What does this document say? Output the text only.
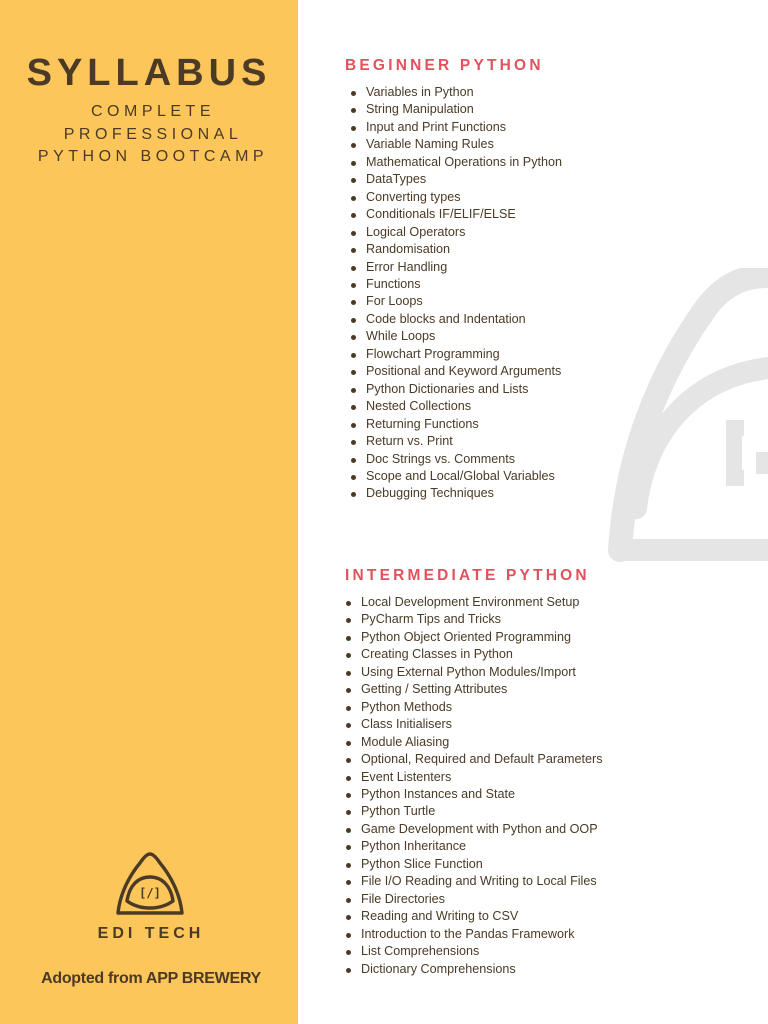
SYLLABUS
COMPLETE
PROFESSIONAL
PYTHON BOOTCAMP
[/]
EDI TECH
Adopted from APP BREWERY
BEGINNER PYTHON
Variables in Python
String Manipulation
Input and Print Functions
Variable Naming Rules
Mathematical Operations in Python
DataTypes
Converting types
Conditionals IF/ELIF/ELSE
Logical Operators
Randomisation
Error Handling
Functions
For Loops
Code blocks and Indentation
While Loops
Flowchart Programming
Positional and Keyword Arguments
Python Dictionaries and Lists
Nested Collections
Returning Functions
Return vs. Print
Doc Strings vs. Comments
Scope and Local/Global Variables
Debugging Techniques
INTERMEDIATE PYTHON
Local Development Environment Setup
PyCharm Tips and Tricks
Python Object Oriented Programming
Creating Classes in Python
Using External Python Modules/Import
Getting / Setting Attributes
Python Methods
Class Initialisers
Module Aliasing
Optional, Required and Default Parameters
Event Listenters
Python Instances and State
Python Turtle
Game Development with Python and OOP
Python Inheritance
Python Slice Function
File I/O Reading and Writing to Local Files
File Directories
Reading and Writing to CSV
Introduction to the Pandas Framework
List Comprehensions
Dictionary Comprehensions
